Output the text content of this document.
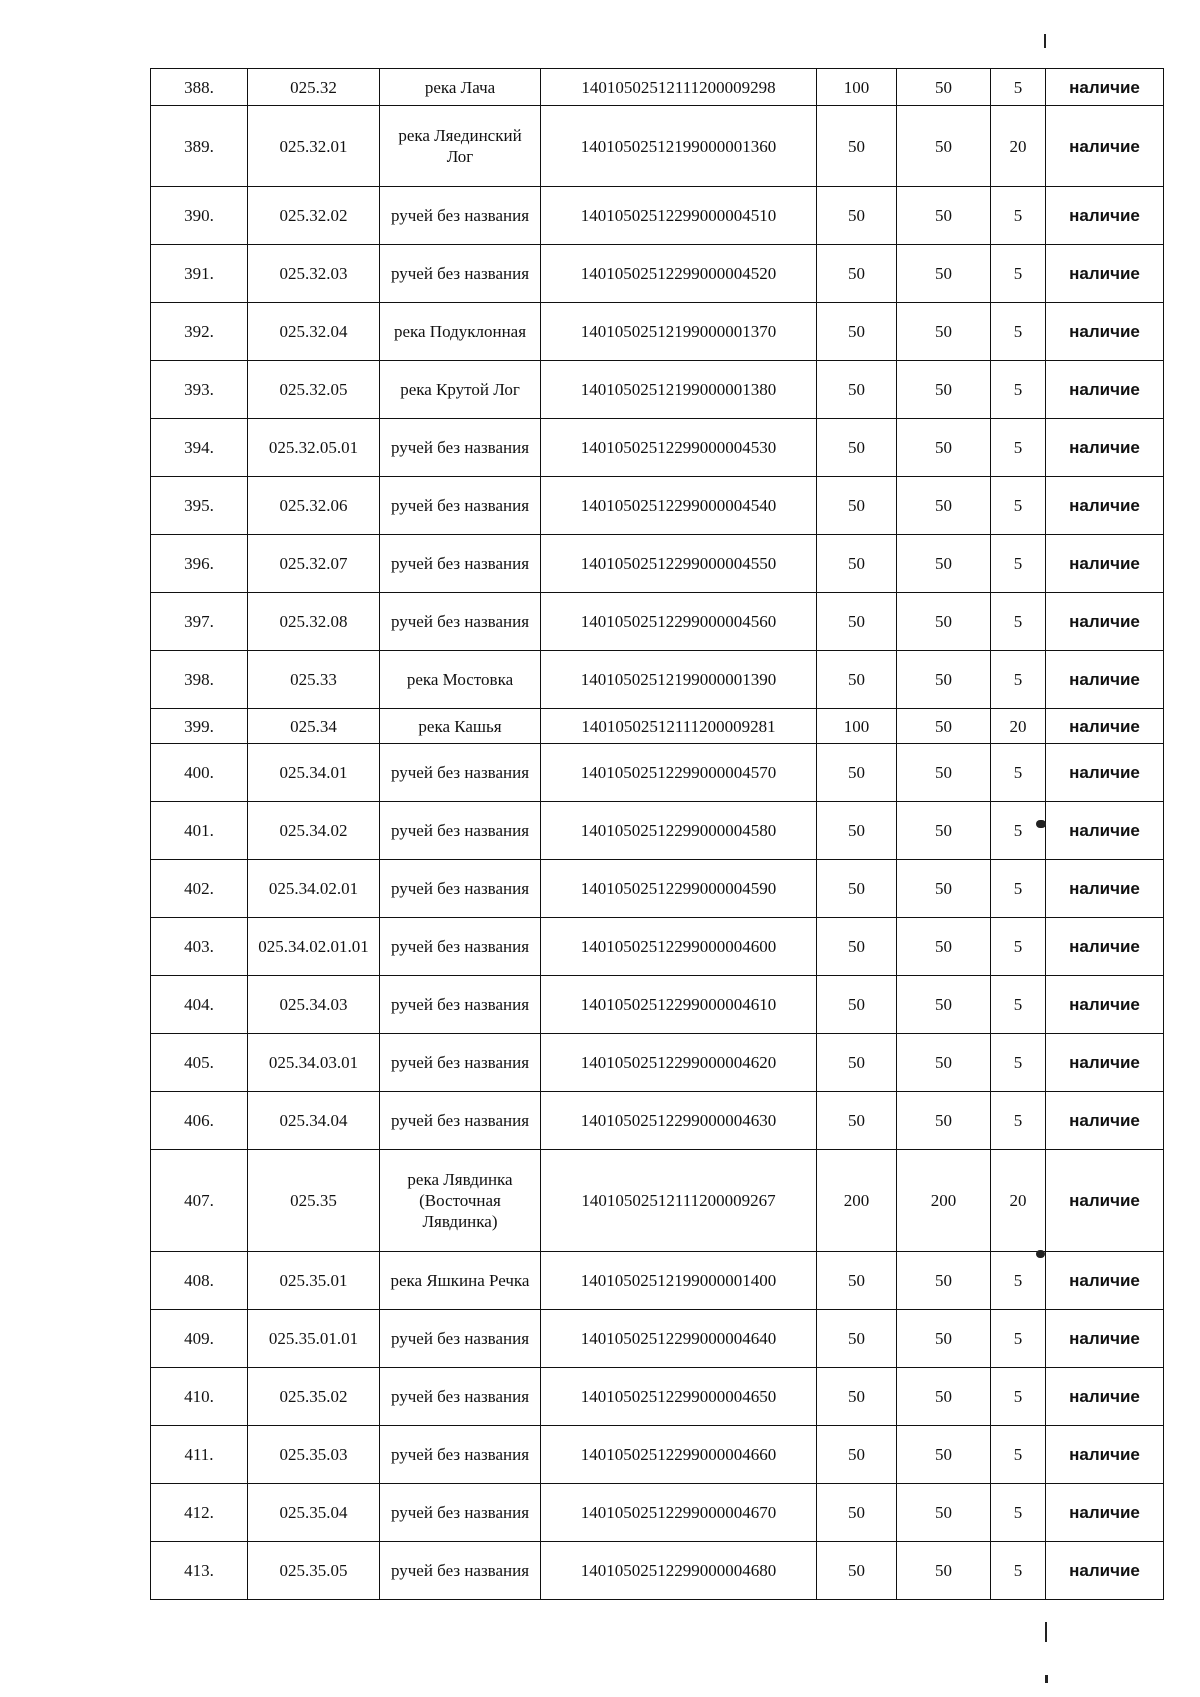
388.	025.32	река Лача	14010502512111200009298	100	50	5	наличие
389.	025.32.01	река Ляединский Лог	14010502512199000001360	50	50	20	наличие
390.	025.32.02	ручей без названия	14010502512299000004510	50	50	5	наличие
391.	025.32.03	ручей без названия	14010502512299000004520	50	50	5	наличие
392.	025.32.04	река Подуклонная	14010502512199000001370	50	50	5	наличие
393.	025.32.05	река Крутой Лог	14010502512199000001380	50	50	5	наличие
394.	025.32.05.01	ручей без названия	14010502512299000004530	50	50	5	наличие
395.	025.32.06	ручей без названия	14010502512299000004540	50	50	5	наличие
396.	025.32.07	ручей без названия	14010502512299000004550	50	50	5	наличие
397.	025.32.08	ручей без названия	14010502512299000004560	50	50	5	наличие
398.	025.33	река Мостовка	14010502512199000001390	50	50	5	наличие
399.	025.34	река Кашья	14010502512111200009281	100	50	20	наличие
400.	025.34.01	ручей без названия	14010502512299000004570	50	50	5	наличие
401.	025.34.02	ручей без названия	14010502512299000004580	50	50	5	наличие
402.	025.34.02.01	ручей без названия	14010502512299000004590	50	50	5	наличие
403.	025.34.02.01.01	ручей без названия	14010502512299000004600	50	50	5	наличие
404.	025.34.03	ручей без названия	14010502512299000004610	50	50	5	наличие
405.	025.34.03.01	ручей без названия	14010502512299000004620	50	50	5	наличие
406.	025.34.04	ручей без названия	14010502512299000004630	50	50	5	наличие
407.	025.35	река Лявдинка (Восточная Лявдинка)	14010502512111200009267	200	200	20	наличие
408.	025.35.01	река Яшкина Речка	14010502512199000001400	50	50	5	наличие
409.	025.35.01.01	ручей без названия	14010502512299000004640	50	50	5	наличие
410.	025.35.02	ручей без названия	14010502512299000004650	50	50	5	наличие
411.	025.35.03	ручей без названия	14010502512299000004660	50	50	5	наличие
412.	025.35.04	ручей без названия	14010502512299000004670	50	50	5	наличие
413.	025.35.05	ручей без названия	14010502512299000004680	50	50	5	наличие
